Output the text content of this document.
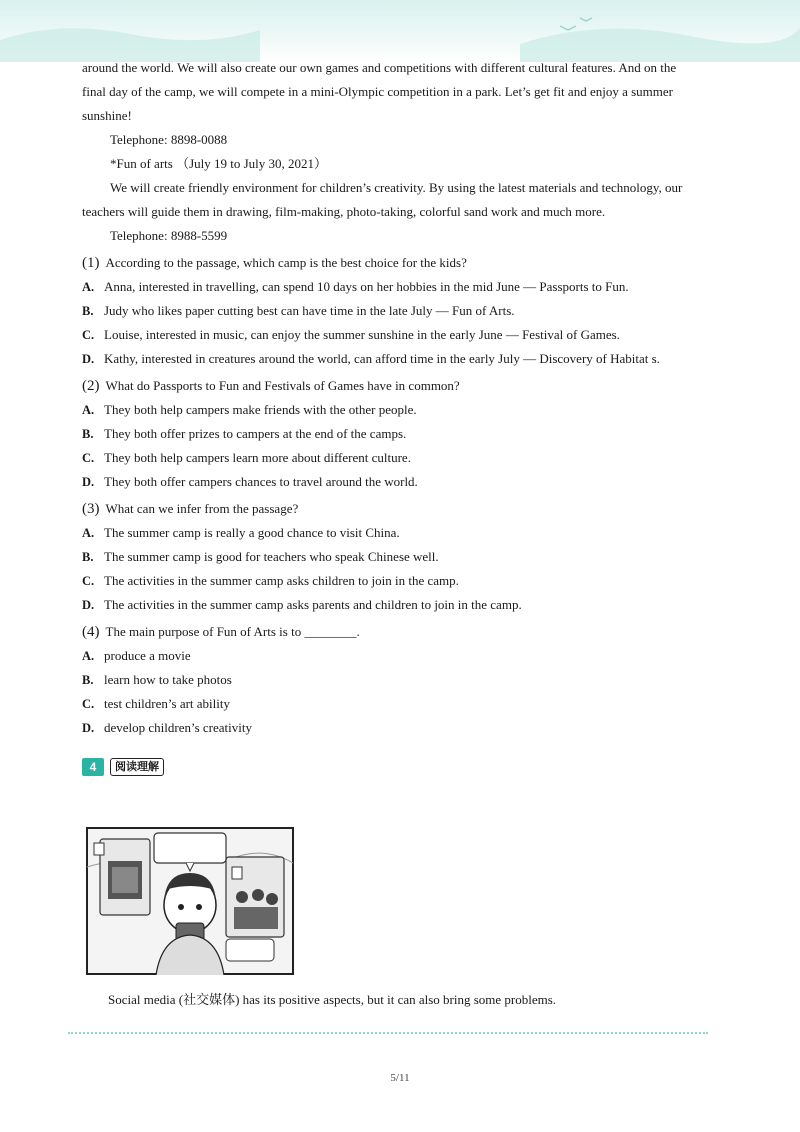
around the world. We will also create our own games and competitions with different cultural features. And on the final day of the camp, we will compete in a mini-Olympic competition in a park. Let’s get fit and enjoy a summer sunshine!

Telephone: 8898-0088

*Fun of arts （July 19 to July 30, 2021）

We will create friendly environment for children’s creativity. By using the latest materials and technology, our teachers will guide them in drawing, film-making, photo-taking, colorful sand work and much more.

Telephone: 8988-5599

(1) According to the passage, which camp is the best choice for the kids?
A. Anna, interested in travelling, can spend 10 days on her hobbies in the mid June — Passports to Fun.
B. Judy who likes paper cutting best can have time in the late July — Fun of Arts.
C. Louise, interested in music, can enjoy the summer sunshine in the early June — Festival of Games.
D. Kathy, interested in creatures around the world, can afford time in the early July — Discovery of Habitat s.
(2) What do Passports to Fun and Festivals of Games have in common?
A. They both help campers make friends with the other people.
B. They both offer prizes to campers at the end of the camps.
C. They both help campers learn more about different culture.
D. They both offer campers chances to travel around the world.
(3) What can we infer from the passage?
A. The summer camp is really a good chance to visit China.
B. The summer camp is good for teachers who speak Chinese well.
C. The activities in the summer camp asks children to join in the camp.
D. The activities in the summer camp asks parents and children to join in the camp.
(4) The main purpose of Fun of Arts is to ________.
A. produce a movie
B. learn how to take photos
C. test children’s art ability
D. develop children’s creativity
4	阅读理解

Social media (社交媒体) has its positive aspects, but it can also bring some problems.

5/11
